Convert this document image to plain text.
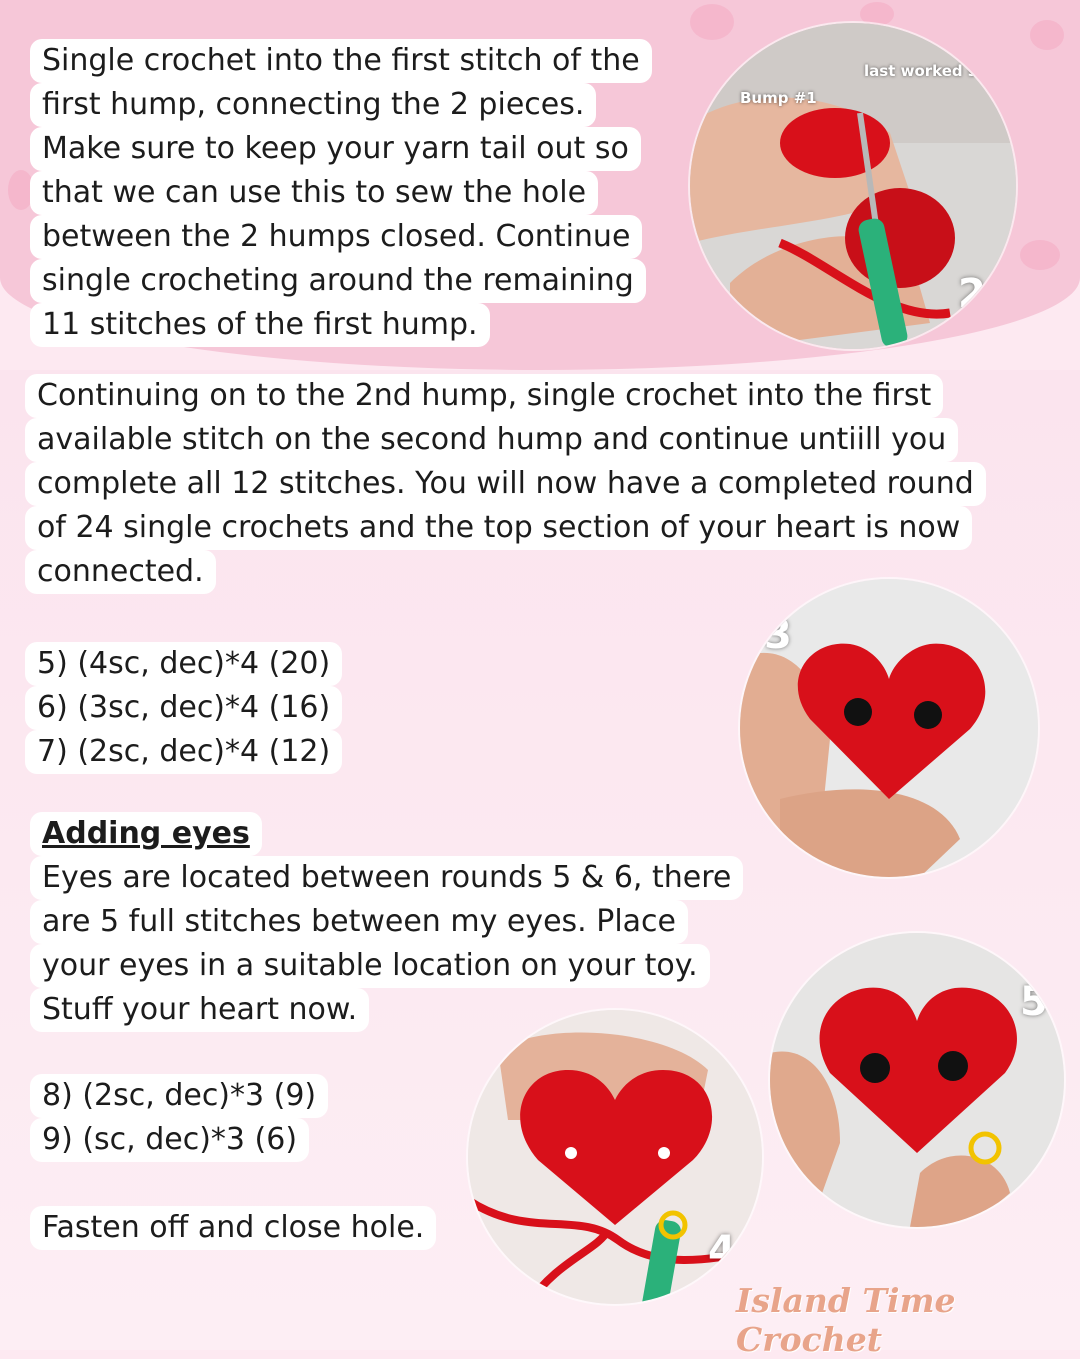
Single crochet into the first stitch of the
first hump, connecting the 2 pieces.
Make sure to keep your yarn tail out so
that we can use this to sew the hole
between the 2 humps closed. Continue
single crocheting around the remaining
11 stitches of the first hump.
Continuing on to the 2nd hump, single crochet into the first
available stitch on the second hump and continue untiill you
complete all 12 stitches. You will now have a completed round
of 24 single crochets and the top section of your heart is now
connected.
5) (4sc, dec)*4 (20)
6) (3sc, dec)*4 (16)
7) (2sc, dec)*4 (12)
Adding eyes
Eyes are located between rounds 5 & 6, there
are 5 full stitches between my eyes. Place
your eyes in a suitable location on your toy.
Stuff your heart now.
8) (2sc, dec)*3 (9)
9) (sc, dec)*3 (6)
Fasten off and close hole.
Bump #1
last worked sti
2
3
5
4
Island Time Crochet
